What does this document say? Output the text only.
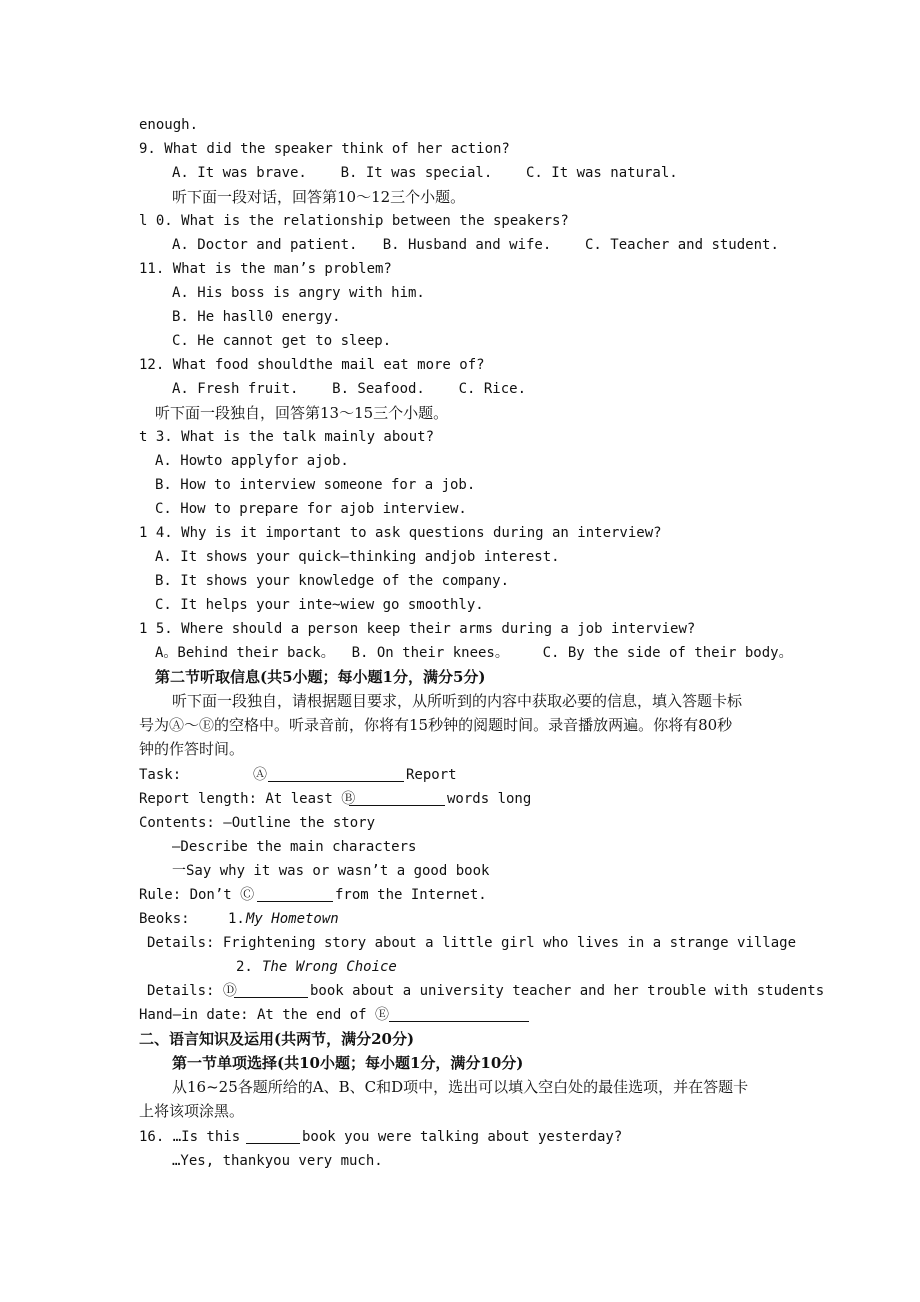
enough.
9. What did the speaker think of her action?
A. It was brave.    B. It was special.    C. It was natural.
听下面一段对话，回答第10～12三个小题。
l 0. What is the relationship between the speakers?
A. Doctor and patient.   B. Husband and wife.    C. Teacher and student.
11. What is the man’s problem?
A. His boss is angry with him.
B. He hasll0 energy.
C. He cannot get to sleep.
12. What food shouldthe mail eat more of?
A. Fresh fruit.    B. Seafood.    C. Rice.
听下面一段独自，回答第13～15三个小题。
t 3. What is the talk mainly about?
A. Howto applyfor ajob.
B. How to interview someone for a job.
C. How to prepare for ajob interview.
1 4. Why is it important to ask questions during an interview?
A. It shows your quick—thinking andjob interest.
B. It shows your knowledge of the company.
C. It helps your inte~wiew go smoothly.
1 5. Where should a person keep their arms during a job interview?
A。Behind their back。  B. On their knees。    C. By the side of their body。
第二节听取信息(共5小题；每小题1分，满分5分)
听下面一段独自，请根据题目要求，从所听到的内容中获取必要的信息，填入答题卡标
号为Ⓐ～Ⓔ的空格中。听录音前，你将有15秒钟的阅题时间。录音播放两遍。你将有80秒
钟的作答时间。
Task:	Ⓐ	Report
Report length: At least Ⓑ	words long
Contents: —Outline the story
—Describe the main characters
一Say why it was or wasn’t a good book
Rule: Don’t Ⓒ	from the Internet.
Beoks:	1. My Hometown
Details: Frightening story about a little girl who lives in a strange village
2. The Wrong Choice
Details: Ⓓ	book about a university teacher and her trouble with students
Hand—in date: At the end of Ⓔ
二、语言知识及运用(共两节，满分20分)
第一节单项选择(共10小题；每小题1分，满分10分)
从16~25各题所给的A、B、C和D项中，选出可以填入空白处的最佳选项，并在答题卡
上将该项涂黑。
16. …Is this	book you were talking about yesterday?
…Yes, thankyou very much.
